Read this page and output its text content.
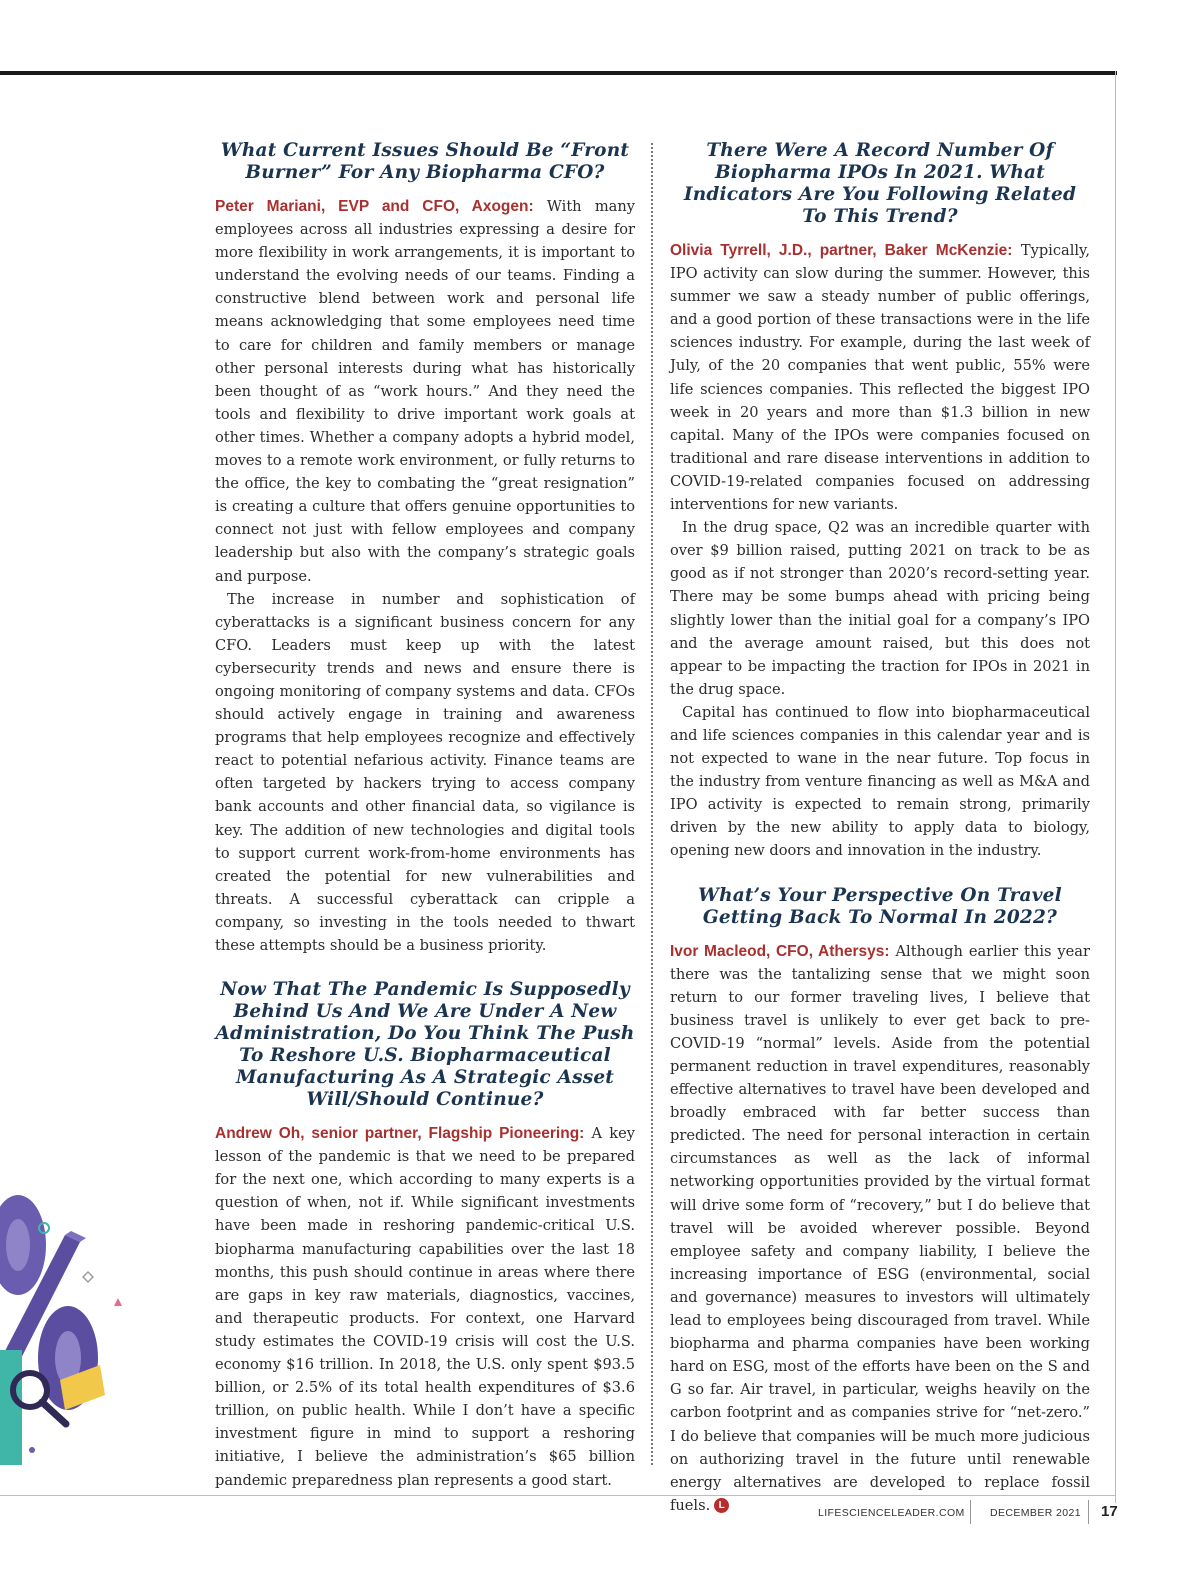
What Current Issues Should Be “Front Burner” For Any Biopharma CFO?

Peter Mariani, EVP and CFO, Axogen: With many employees across all industries expressing a desire for more flexibility in work arrangements, it is important to understand the evolving needs of our teams. Finding a constructive blend between work and personal life means acknowledging that some employees need time to care for children and family members or manage other personal interests during what has historically been thought of as “work hours.” And they need the tools and flexibility to drive important work goals at other times. Whether a company adopts a hybrid model, moves to a remote work environment, or fully returns to the office, the key to combating the “great resignation” is creating a culture that offers genuine opportunities to connect not just with fellow employees and company leadership but also with the company’s strategic goals and purpose.

The increase in number and sophistication of cyberattacks is a significant business concern for any CFO. Leaders must keep up with the latest cybersecurity trends and news and ensure there is ongoing monitoring of company systems and data. CFOs should actively engage in training and awareness programs that help employees recognize and effectively react to potential nefarious activity. Finance teams are often targeted by hackers trying to access company bank accounts and other financial data, so vigilance is key. The addition of new technologies and digital tools to support current work-from-home environments has created the potential for new vulnerabilities and threats. A successful cyberattack can cripple a company, so investing in the tools needed to thwart these attempts should be a business priority.

Now That The Pandemic Is Supposedly Behind Us And We Are Under A New Administration, Do You Think The Push To Reshore U.S. Biopharmaceutical Manufacturing As A Strategic Asset Will/Should Continue?

Andrew Oh, senior partner, Flagship Pioneering: A key lesson of the pandemic is that we need to be prepared for the next one, which according to many experts is a question of when, not if. While significant investments have been made in reshoring pandemic-critical U.S. biopharma manufacturing capabilities over the last 18 months, this push should continue in areas where there are gaps in key raw materials, diagnostics, vaccines, and therapeutic products. For context, one Harvard study estimates the COVID-19 crisis will cost the U.S. economy $16 trillion. In 2018, the U.S. only spent $93.5 billion, or 2.5% of its total health expenditures of $3.6 trillion, on public health. While I don’t have a specific investment figure in mind to support a reshoring initiative, I believe the administration’s $65 billion pandemic preparedness plan represents a good start.

There Were A Record Number Of Biopharma IPOs In 2021. What Indicators Are You Following Related To This Trend?

Olivia Tyrrell, J.D., partner, Baker McKenzie: Typically, IPO activity can slow during the summer. However, this summer we saw a steady number of public offerings, and a good portion of these transactions were in the life sciences industry. For example, during the last week of July, of the 20 companies that went public, 55% were life sciences companies. This reflected the biggest IPO week in 20 years and more than $1.3 billion in new capital. Many of the IPOs were companies focused on traditional and rare disease interventions in addition to COVID-19-related companies focused on addressing interventions for new variants.

In the drug space, Q2 was an incredible quarter with over $9 billion raised, putting 2021 on track to be as good as if not stronger than 2020’s record-setting year. There may be some bumps ahead with pricing being slightly lower than the initial goal for a company’s IPO and the average amount raised, but this does not appear to be impacting the traction for IPOs in 2021 in the drug space.

Capital has continued to flow into biopharmaceutical and life sciences companies in this calendar year and is not expected to wane in the near future. Top focus in the industry from venture financing as well as M&A and IPO activity is expected to remain strong, primarily driven by the new ability to apply data to biology, opening new doors and innovation in the industry.

What’s Your Perspective On Travel Getting Back To Normal In 2022?

Ivor Macleod, CFO, Athersys: Although earlier this year there was the tantalizing sense that we might soon return to our former traveling lives, I believe that business travel is unlikely to ever get back to pre-COVID-19 “normal” levels. Aside from the potential permanent reduction in travel expenditures, reasonably effective alternatives to travel have been developed and broadly embraced with far better success than predicted. The need for personal interaction in certain circumstances as well as the lack of informal networking opportunities provided by the virtual format will drive some form of “recovery,” but I do believe that travel will be avoided wherever possible. Beyond employee safety and company liability, I believe the increasing importance of ESG (environmental, social and governance) measures to investors will ultimately lead to employees being discouraged from travel. While biopharma and pharma companies have been working hard on ESG, most of the efforts have been on the S and G so far. Air travel, in particular, weighs heavily on the carbon footprint and as companies strive for “net-zero.” I do believe that companies will be much more judicious on authorizing travel in the future until renewable energy alternatives are developed to replace fossil fuels. L

LIFESCIENCELEADER.COM DECEMBER 2021 17
